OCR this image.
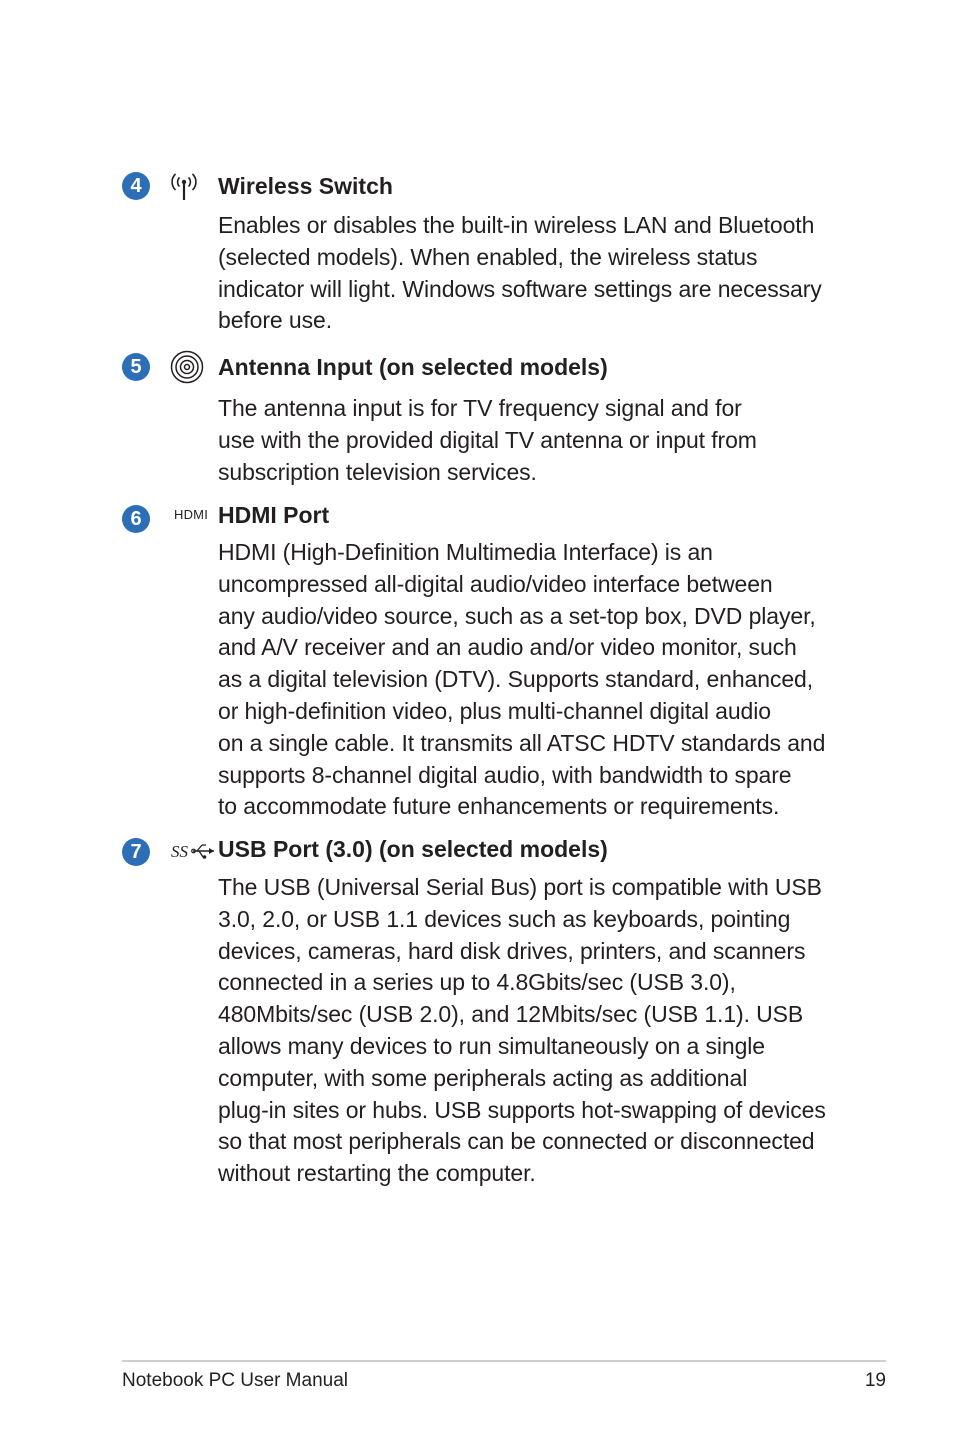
4	Wireless Switch

Enables or disables the built-in wireless LAN and Bluetooth
(selected models). When enabled, the wireless status
indicator will light. Windows software settings are necessary
before use.

5	Antenna Input (on selected models)

The antenna input is for TV frequency signal and for
use with the provided digital TV antenna or input from
subscription television services.

6	HDMI HDMI Port

HDMI (High-Definition Multimedia Interface) is an
uncompressed all-digital audio/video interface between
any audio/video source, such as a set-top box, DVD player,
and A/V receiver and an audio and/or video monitor, such
as a digital television (DTV). Supports standard, enhanced,
or high-definition video, plus multi-channel digital audio
on a single cable. It transmits all ATSC HDTV standards and
supports 8-channel digital audio, with bandwidth to spare
to accommodate future enhancements or requirements.

7	SS USB Port (3.0) (on selected models)

The USB (Universal Serial Bus) port is compatible with USB
3.0, 2.0, or USB 1.1 devices such as keyboards, pointing
devices, cameras, hard disk drives, printers, and scanners
connected in a series up to 4.8Gbits/sec (USB 3.0),
480Mbits/sec (USB 2.0), and 12Mbits/sec (USB 1.1). USB
allows many devices to run simultaneously on a single
computer, with some peripherals acting as additional
plug-in sites or hubs. USB supports hot-swapping of devices
so that most peripherals can be connected or disconnected
without restarting the computer.

Notebook PC User Manual	19
